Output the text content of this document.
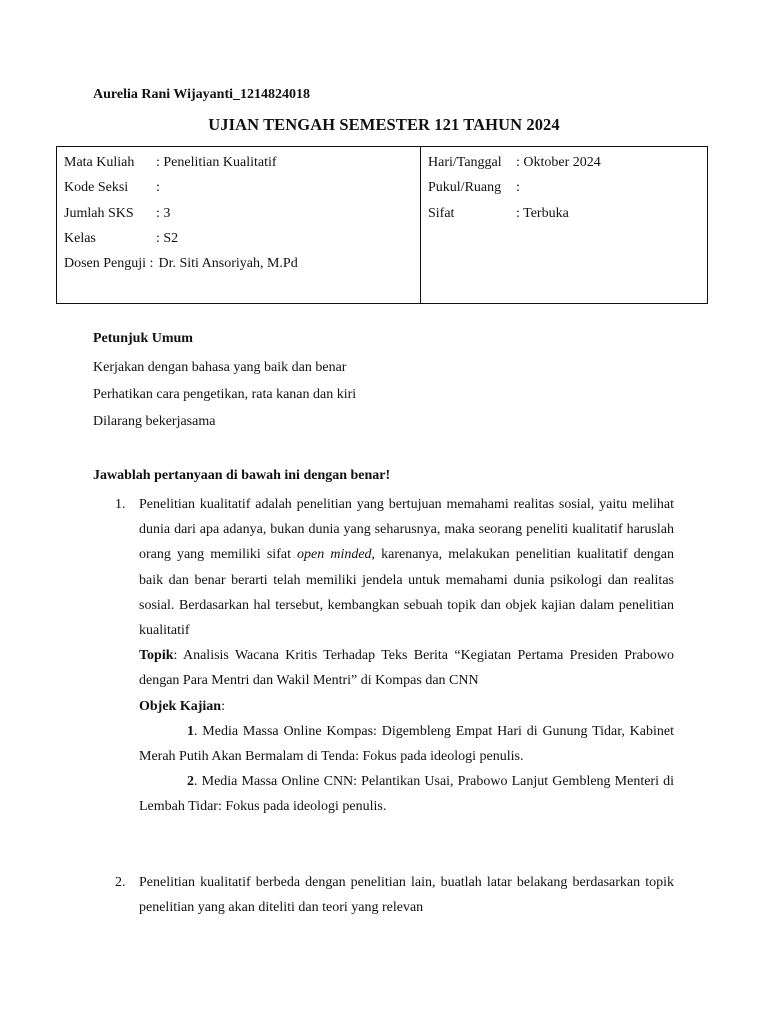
Aurelia Rani Wijayanti_1214824018
UJIAN TENGAH SEMESTER 121 TAHUN 2024
Mata Kuliah	: Penelitian Kualitatif
Kode Seksi	:
Jumlah SKS	: 3
Kelas	: S2
Dosen Penguji : Dr. Siti Ansoriyah, M.Pd
Hari/Tanggal	: Oktober 2024
Pukul/Ruang	:
Sifat	: Terbuka
Petunjuk Umum
Kerjakan dengan bahasa yang baik dan benar
Perhatikan cara pengetikan, rata kanan dan kiri
Dilarang bekerjasama
Jawablah pertanyaan di bawah ini dengan benar!
1. Penelitian kualitatif adalah penelitian yang bertujuan memahami realitas sosial, yaitu melihat dunia dari apa adanya, bukan dunia yang seharusnya, maka seorang peneliti kualitatif haruslah orang yang memiliki sifat open minded, karenanya, melakukan penelitian kualitatif dengan baik dan benar berarti telah memiliki jendela untuk memahami dunia psikologi dan realitas sosial. Berdasarkan hal tersebut, kembangkan sebuah topik dan objek kajian dalam penelitian kualitatif

Topik: Analisis Wacana Kritis Terhadap Teks Berita “Kegiatan Pertama Presiden Prabowo dengan Para Mentri dan Wakil Mentri” di Kompas dan CNN

Objek Kajian:

1. Media Massa Online Kompas: Digembleng Empat Hari di Gunung Tidar, Kabinet Merah Putih Akan Bermalam di Tenda: Fokus pada ideologi penulis.

2. Media Massa Online CNN: Pelantikan Usai, Prabowo Lanjut Gembleng Menteri di Lembah Tidar: Fokus pada ideologi penulis.

2. Penelitian kualitatif berbeda dengan penelitian lain, buatlah latar belakang berdasarkan topik penelitian yang akan diteliti dan teori yang relevan
